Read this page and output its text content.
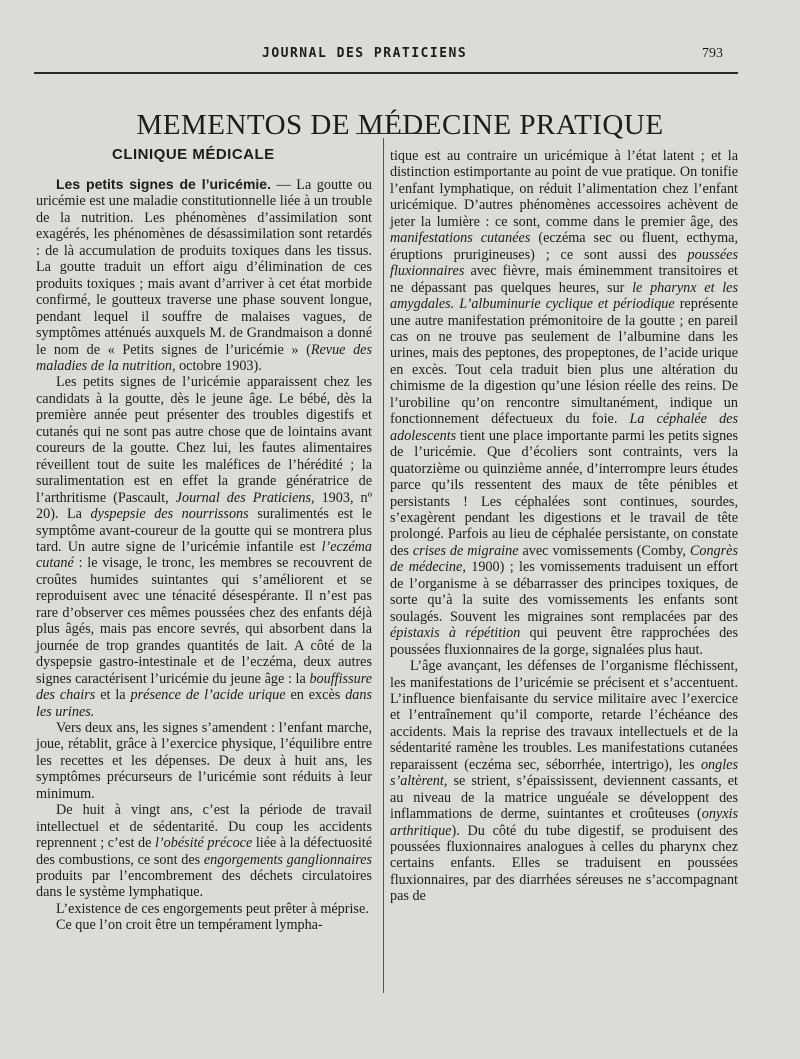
JOURNAL DES PRATICIENS	793
MEMENTOS DE MÉDECINE PRATIQUE
CLINIQUE MÉDICALE

Les petits signes de l’uricémie. — La goutte ou uricémie est une maladie constitutionnelle liée à un trouble de la nutrition. Les phénomènes d’assimilation sont exagérés, les phénomènes de désassimilation sont retardés : de là accumulation de produits toxiques dans les tissus. La goutte traduit un effort aigu d’élimination de ces produits toxiques ; mais avant d’arriver à cet état morbide confirmé, le goutteux traverse une phase souvent longue, pendant lequel il souffre de malaises vagues, de symptômes atténués auxquels M. de Grandmaison a donné le nom de « Petits signes de l’uricémie » (Revue des maladies de la nutrition, octobre 1903).

Les petits signes de l’uricémie apparaissent chez les candidats à la goutte, dès le jeune âge. Le bébé, dès la première année peut présenter des troubles digestifs et cutanés qui ne sont pas autre chose que de lointains avant coureurs de la goutte. Chez lui, les fautes alimentaires réveillent tout de suite les maléfices de l’hérédité ; la suralimentation est en effet la grande génératrice de l’arthritisme (Pascault, Journal des Praticiens, 1903, nº 20). La dyspepsie des nourrissons suralimentés est le symptôme avant-coureur de la goutte qui se montrera plus tard. Un autre signe de l’uricémie infantile est l’eczéma cutané : le visage, le tronc, les membres se recouvrent de croûtes humides suintantes qui s’améliorent et se reproduisent avec une ténacité désespérante. Il n’est pas rare d’observer ces mêmes poussées chez des enfants déjà plus âgés, mais pas encore sevrés, qui absorbent dans la journée de trop grandes quantités de lait. A côté de la dyspepsie gastro-intestinale et de l’eczéma, deux autres signes caractérisent l’uricémie du jeune âge : la bouffissure des chairs et la présence de l’acide urique en excès dans les urines.

Vers deux ans, les signes s’amendent : l’enfant marche, joue, rétablit, grâce à l’exercice physique, l’équilibre entre les recettes et les dépenses. De deux à huit ans, les symptômes précurseurs de l’uricémie sont réduits à leur minimum.

De huit à vingt ans, c’est la période de travail intellectuel et de sédentarité. Du coup les accidents reprennent ; c’est de l’obésité précoce liée à la défectuosité des combustions, ce sont des engorgements ganglionnaires produits par l’encombrement des déchets circulatoires dans le système lymphatique.

L’existence de ces engorgements peut prêter à méprise.

Ce que l’on croit être un tempérament lympha-

tique est au contraire un uricémique à l’état latent ; et la distinction estimportante au point de vue pratique. On tonifie l’enfant lymphatique, on réduit l’alimentation chez l’enfant uricémique. D’autres phénomènes accessoires achèvent de jeter la lumière : ce sont, comme dans le premier âge, des manifestations cutanées (eczéma sec ou fluent, ecthyma, éruptions prurigineuses) ; ce sont aussi des poussées fluxionnaires avec fièvre, mais éminemment transitoires et ne dépassant pas quelques heures, sur le pharynx et les amygdales. L’albuminurie cyclique et périodique représente une autre manifestation prémonitoire de la goutte ; en pareil cas on ne trouve pas seulement de l’albumine dans les urines, mais des peptones, des propeptones, de l’acide urique en excès. Tout cela traduit bien plus une altération du chimisme de la digestion qu’une lésion réelle des reins. De l’urobiline qu’on rencontre simultanément, indique un fonctionnement défectueux du foie. La céphalée des adolescents tient une place importante parmi les petits signes de l’uricémie. Que d’écoliers sont contraints, vers la quatorzième ou quinzième année, d’interrompre leurs études parce qu’ils ressentent des maux de tête pénibles et persistants ! Les céphalées sont continues, sourdes, s’exagèrent pendant les digestions et le travail de tête prolongé. Parfois au lieu de céphalée persistante, on constate des crises de migraine avec vomissements (Comby, Congrès de médecine, 1900) ; les vomissements traduisent un effort de l’organisme à se débarrasser des principes toxiques, de sorte qu’à la suite des vomissements les enfants sont soulagés. Souvent les migraines sont remplacées par des épistaxis à répétition qui peuvent être rapprochées des poussées fluxionnaires de la gorge, signalées plus haut.

L’âge avançant, les défenses de l’organisme fléchissent, les manifestations de l’uricémie se précisent et s’accentuent. L’influence bienfaisante du service militaire avec l’exercice et l’entraînement qu’il comporte, retarde l’échéance des accidents. Mais la reprise des travaux intellectuels et de la sédentarité ramène les troubles. Les manifestations cutanées reparaissent (eczéma sec, séborrhée, intertrigo), les ongles s’altèrent, se strient, s’épaississent, deviennent cassants, et au niveau de la matrice unguéale se développent des inflammations de derme, suintantes et croûteuses (onyxis arthritique). Du côté du tube digestif, se produisent des poussées fluxionnaires analogues à celles du pharynx chez certains enfants. Elles se traduisent en poussées fluxionnaires, par des diarrhées séreuses ne s’accompagnant pas de
